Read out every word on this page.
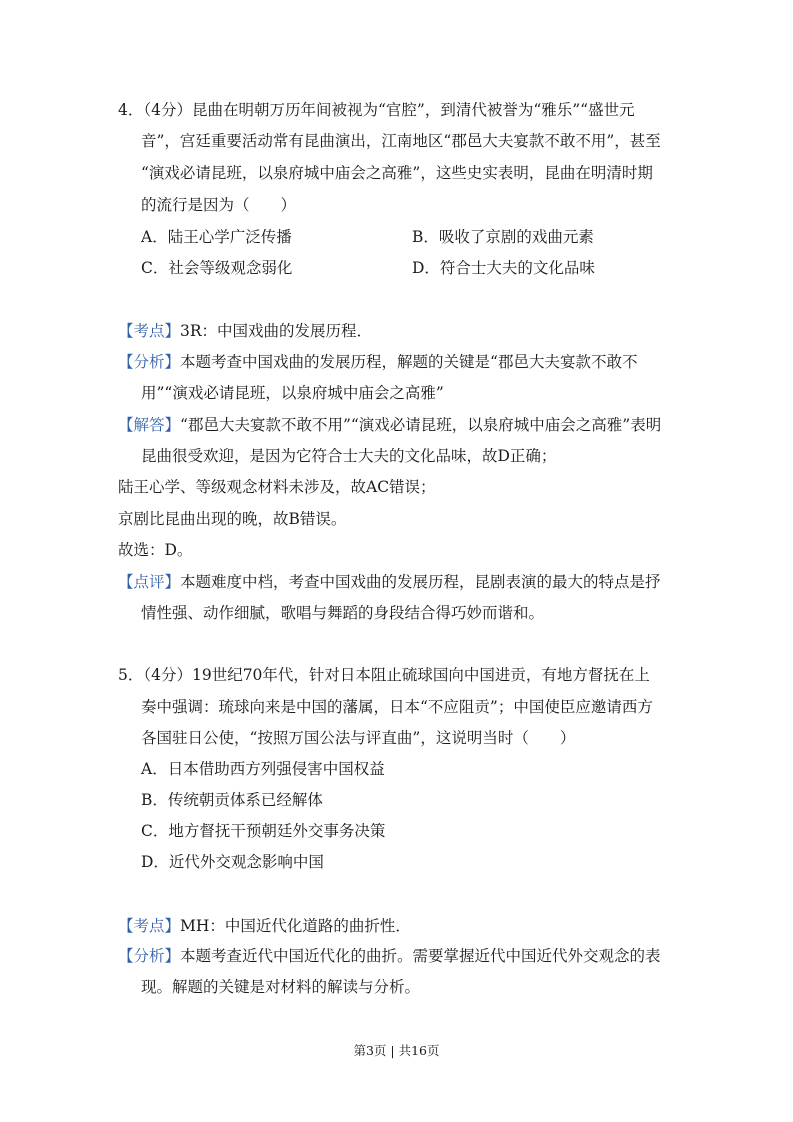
4．（4分）昆曲在明朝万历年间被视为“官腔”，到清代被誉为“雅乐”“盛世元
音”，宫廷重要活动常有昆曲演出，江南地区“郡邑大夫宴款不敢不用”，甚至
“演戏必请昆班，以泉府城中庙会之高雅”，这些史实表明，昆曲在明清时期
的流行是因为（　　）
A．陆王心学广泛传播	B．吸收了京剧的戏曲元素
C．社会等级观念弱化	D．符合士大夫的文化品味
【考点】3R：中国戏曲的发展历程．
【分析】本题考查中国戏曲的发展历程，解题的关键是“郡邑大夫宴款不敢不
用”“演戏必请昆班，以泉府城中庙会之高雅”
【解答】“郡邑大夫宴款不敢不用”“演戏必请昆班，以泉府城中庙会之高雅”表明
昆曲很受欢迎，是因为它符合士大夫的文化品味，故D正确；
陆王心学、等级观念材料未涉及，故AC错误；
京剧比昆曲出现的晚，故B错误。
故选：D。
【点评】本题难度中档，考查中国戏曲的发展历程，昆剧表演的最大的特点是抒
情性强、动作细腻，歌唱与舞蹈的身段结合得巧妙而谐和。
5．（4分）19世纪70年代，针对日本阻止硫球国向中国进贡，有地方督抚在上
奏中强调：琉球向来是中国的藩属，日本“不应阻贡”；中国使臣应邀请西方
各国驻日公使，“按照万国公法与评直曲”，这说明当时（　　）
A．日本借助西方列强侵害中国权益
B．传统朝贡体系已经解体
C．地方督抚干预朝廷外交事务决策
D．近代外交观念影响中国
【考点】MH：中国近代化道路的曲折性．
【分析】本题考查近代中国近代化的曲折。需要掌握近代中国近代外交观念的表
现。解题的关键是对材料的解读与分析。
第3页 | 共16页
